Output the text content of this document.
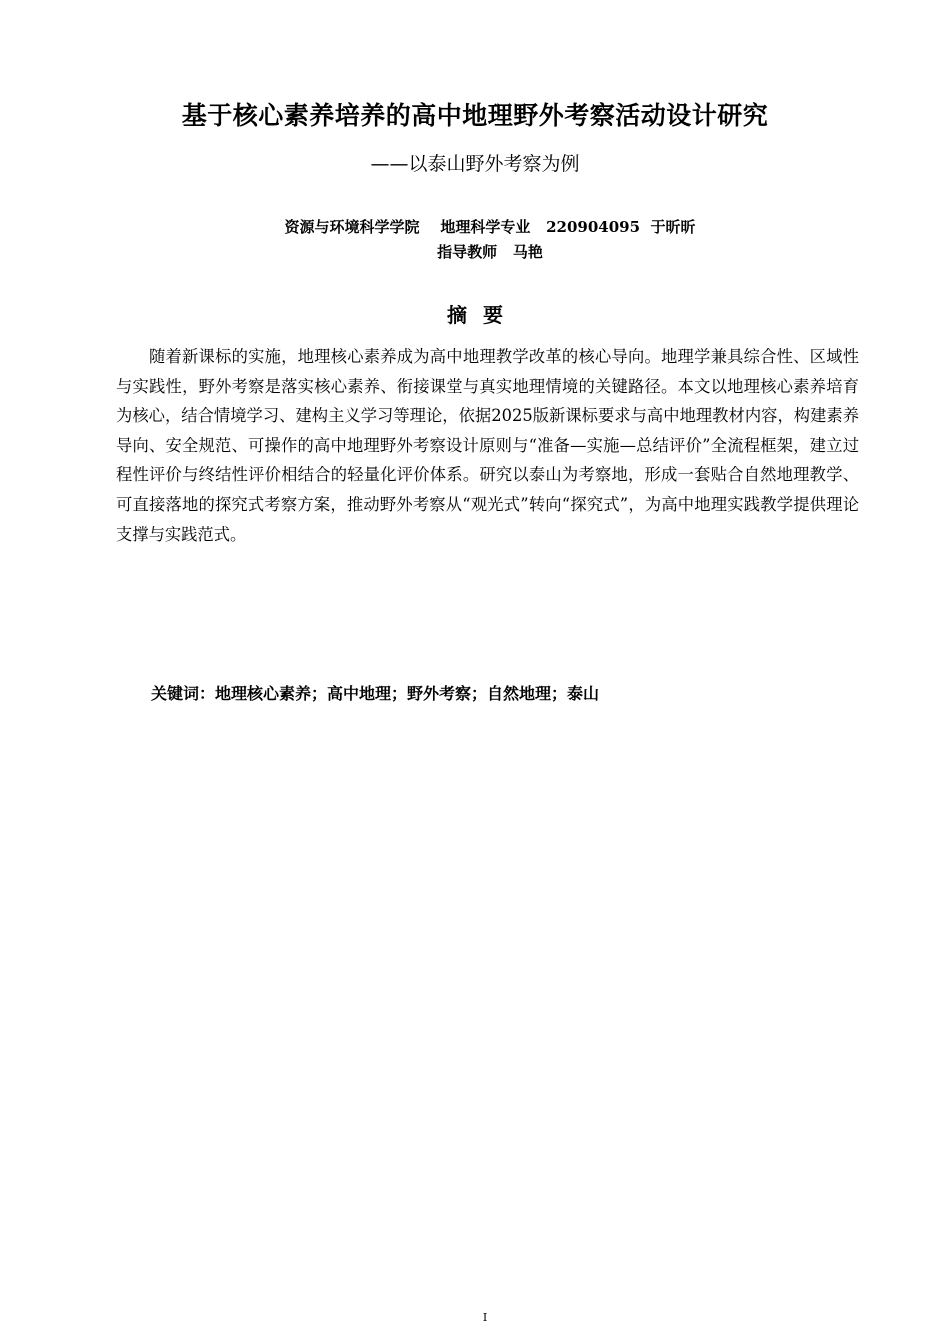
基于核心素养培养的高中地理野外考察活动设计研究
——以泰山野外考察为例
资源与环境科学学院 地理科学专业 220904095 于昕昕
指导教师 马艳
摘要

随着新课标的实施，地理核心素养成为高中地理教学改革的核心导向。地理学兼具综合性、区域性与实践性，野外考察是落实核心素养、衔接课堂与真实地理情境的关键路径。本文以地理核心素养培育为核心，结合情境学习、建构主义学习等理论，依据2025版新课标要求与高中地理教材内容，构建素养导向、安全规范、可操作的高中地理野外考察设计原则与“准备—实施—总结评价”全流程框架，建立过程性评价与终结性评价相结合的轻量化评价体系。研究以泰山为考察地，形成一套贴合自然地理教学、可直接落地的探究式考察方案，推动野外考察从“观光式”转向“探究式”，为高中地理实践教学提供理论支撑与实践范式。

关键词：地理核心素养；高中地理；野外考察；自然地理；泰山
I
